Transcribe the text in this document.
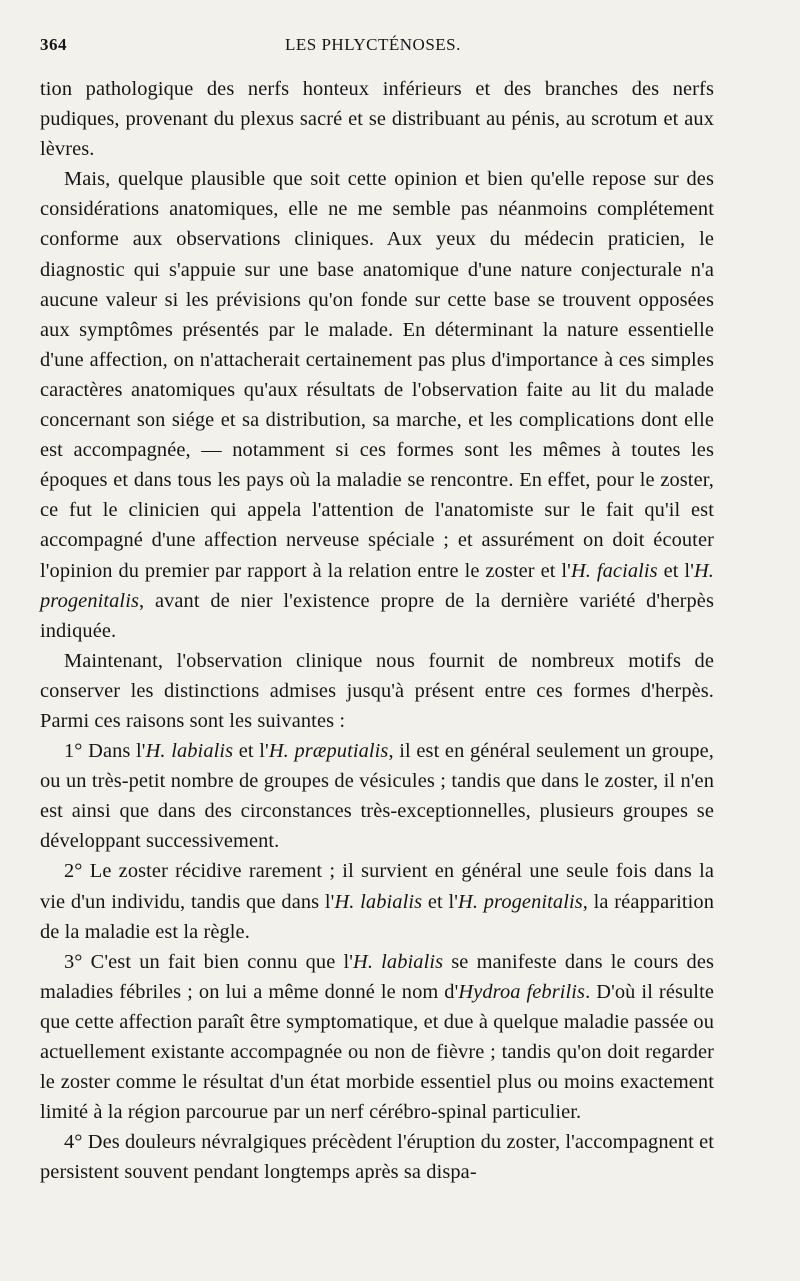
364	LES PHLYCTÉNOSES.

tion pathologique des nerfs honteux inférieurs et des branches des nerfs pudiques, provenant du plexus sacré et se distribuant au pénis, au scrotum et aux lèvres.

Mais, quelque plausible que soit cette opinion et bien qu'elle repose sur des considérations anatomiques, elle ne me semble pas néanmoins complétement conforme aux observations cliniques. Aux yeux du médecin praticien, le diagnostic qui s'appuie sur une base anatomique d'une nature conjecturale n'a aucune valeur si les prévisions qu'on fonde sur cette base se trouvent opposées aux symptômes présentés par le malade. En déterminant la nature essentielle d'une affection, on n'attacherait certainement pas plus d'importance à ces simples caractères anatomiques qu'aux résultats de l'observation faite au lit du malade concernant son siége et sa distribution, sa marche, et les complications dont elle est accompagnée, — notamment si ces formes sont les mêmes à toutes les époques et dans tous les pays où la maladie se rencontre. En effet, pour le zoster, ce fut le clinicien qui appela l'attention de l'anatomiste sur le fait qu'il est accompagné d'une affection nerveuse spéciale ; et assurément on doit écouter l'opinion du premier par rapport à la relation entre le zoster et l'H. facialis et l'H. progenitalis, avant de nier l'existence propre de la dernière variété d'herpès indiquée.

Maintenant, l'observation clinique nous fournit de nombreux motifs de conserver les distinctions admises jusqu'à présent entre ces formes d'herpès. Parmi ces raisons sont les suivantes :

1° Dans l'H. labialis et l'H. præputialis, il est en général seulement un groupe, ou un très-petit nombre de groupes de vésicules ; tandis que dans le zoster, il n'en est ainsi que dans des circonstances très-exceptionnelles, plusieurs groupes se développant successivement.

2° Le zoster récidive rarement ; il survient en général une seule fois dans la vie d'un individu, tandis que dans l'H. labialis et l'H. progenitalis, la réapparition de la maladie est la règle.

3° C'est un fait bien connu que l'H. labialis se manifeste dans le cours des maladies fébriles ; on lui a même donné le nom d'Hydroa febrilis. D'où il résulte que cette affection paraît être symptomatique, et due à quelque maladie passée ou actuellement existante accompagnée ou non de fièvre ; tandis qu'on doit regarder le zoster comme le résultat d'un état morbide essentiel plus ou moins exactement limité à la région parcourue par un nerf cérébro-spinal particulier.

4° Des douleurs névralgiques précèdent l'éruption du zoster, l'accompagnent et persistent souvent pendant longtemps après sa dispa-
